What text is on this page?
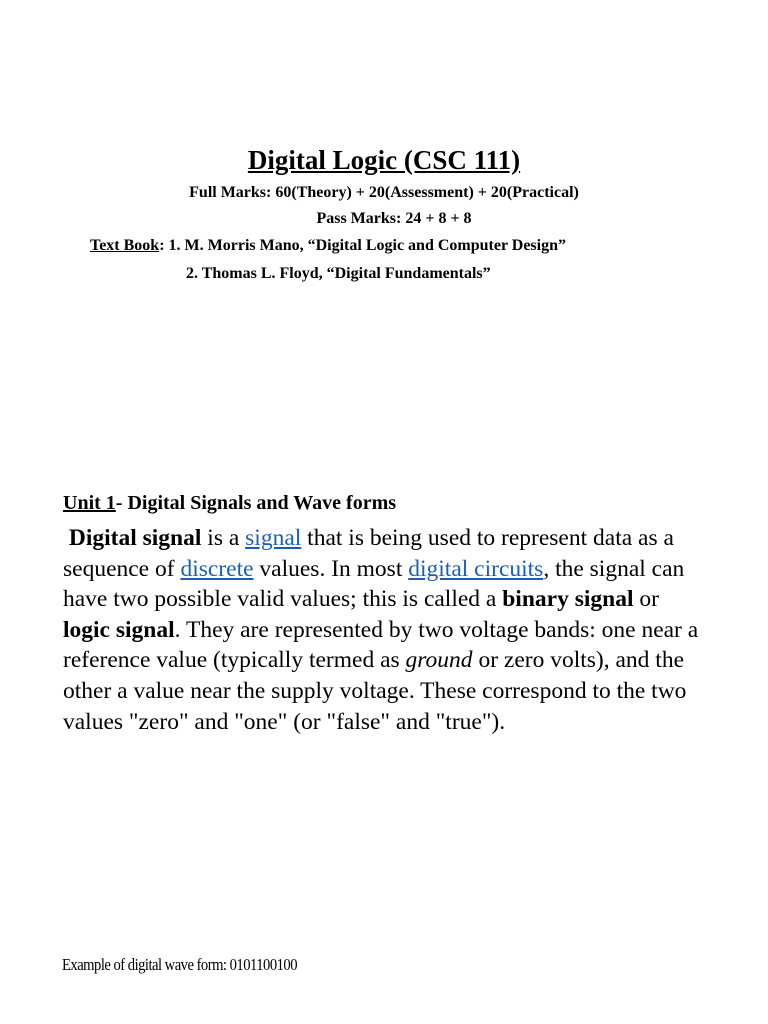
Digital Logic (CSC 111)
Full Marks: 60(Theory) + 20(Assessment) + 20(Practical)
Pass Marks: 24 + 8 + 8
Text Book: 1. M. Morris Mano, “Digital Logic and Computer Design”
2. Thomas L. Floyd, “Digital Fundamentals”
Unit 1- Digital Signals and Wave forms
Digital signal is a signal that is being used to represent data as a sequence of discrete values. In most digital circuits, the signal can have two possible valid values; this is called a binary signal or logic signal. They are represented by two voltage bands: one near a reference value (typically termed as ground or zero volts), and the other a value near the supply voltage. These correspond to the two values "zero" and "one" (or "false" and "true").
Example of digital wave form: 0101100100
